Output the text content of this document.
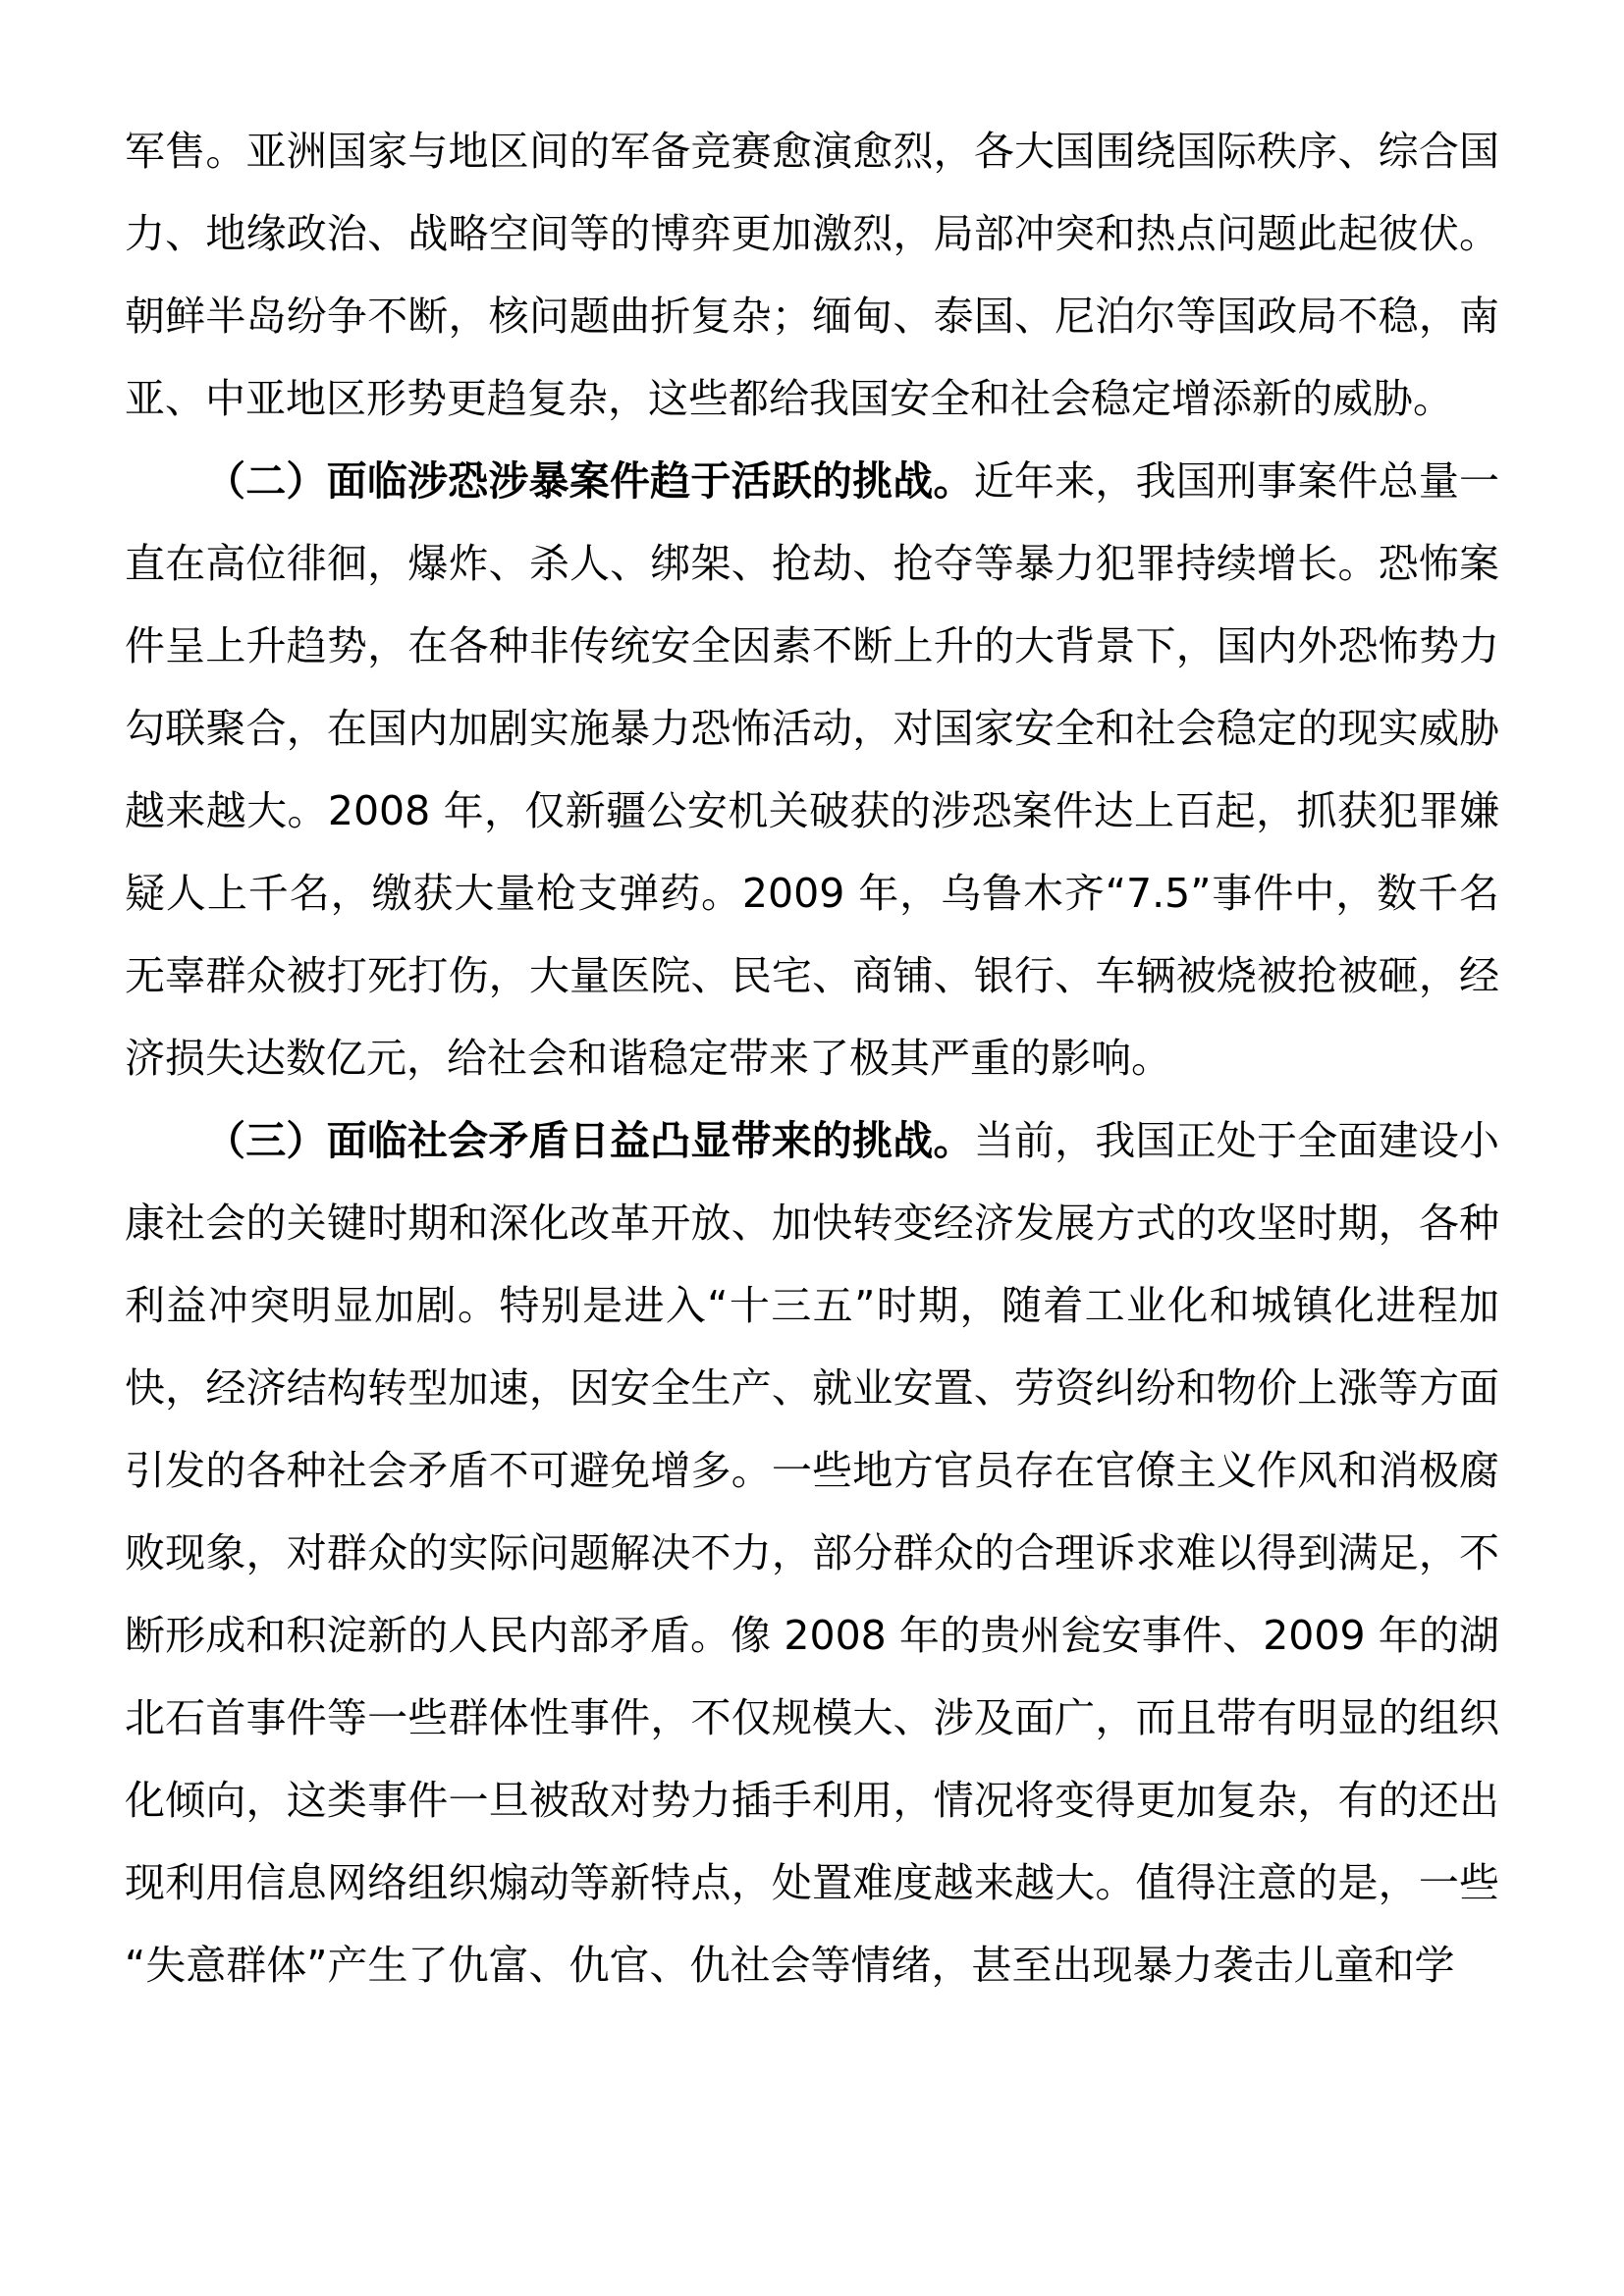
军售。亚洲国家与地区间的军备竞赛愈演愈烈，各大国围绕国际秩序、综合国力、地缘政治、战略空间等的博弈更加激烈，局部冲突和热点问题此起彼伏。朝鲜半岛纷争不断，核问题曲折复杂；缅甸、泰国、尼泊尔等国政局不稳，南亚、中亚地区形势更趋复杂，这些都给我国安全和社会稳定增添新的威胁。

（二）面临涉恐涉暴案件趋于活跃的挑战。近年来，我国刑事案件总量一直在高位徘徊，爆炸、杀人、绑架、抢劫、抢夺等暴力犯罪持续增长。恐怖案件呈上升趋势，在各种非传统安全因素不断上升的大背景下，国内外恐怖势力勾联聚合，在国内加剧实施暴力恐怖活动，对国家安全和社会稳定的现实威胁越来越大。2008 年，仅新疆公安机关破获的涉恐案件达上百起，抓获犯罪嫌疑人上千名，缴获大量枪支弹药。2009 年，乌鲁木齐“7.5”事件中，数千名无辜群众被打死打伤，大量医院、民宅、商铺、银行、车辆被烧被抢被砸，经济损失达数亿元，给社会和谐稳定带来了极其严重的影响。

（三）面临社会矛盾日益凸显带来的挑战。当前，我国正处于全面建设小康社会的关键时期和深化改革开放、加快转变经济发展方式的攻坚时期，各种利益冲突明显加剧。特别是进入“十三五”时期，随着工业化和城镇化进程加快，经济结构转型加速，因安全生产、就业安置、劳资纠纷和物价上涨等方面引发的各种社会矛盾不可避免增多。一些地方官员存在官僚主义作风和消极腐败现象，对群众的实际问题解决不力，部分群众的合理诉求难以得到满足，不断形成和积淀新的人民内部矛盾。像 2008 年的贵州瓮安事件、2009 年的湖北石首事件等一些群体性事件，不仅规模大、涉及面广，而且带有明显的组织化倾向，这类事件一旦被敌对势力插手利用，情况将变得更加复杂，有的还出现利用信息网络组织煽动等新特点，处置难度越来越大。值得注意的是，一些“失意群体”产生了仇富、仇官、仇社会等情绪，甚至出现暴力袭击儿童和学
